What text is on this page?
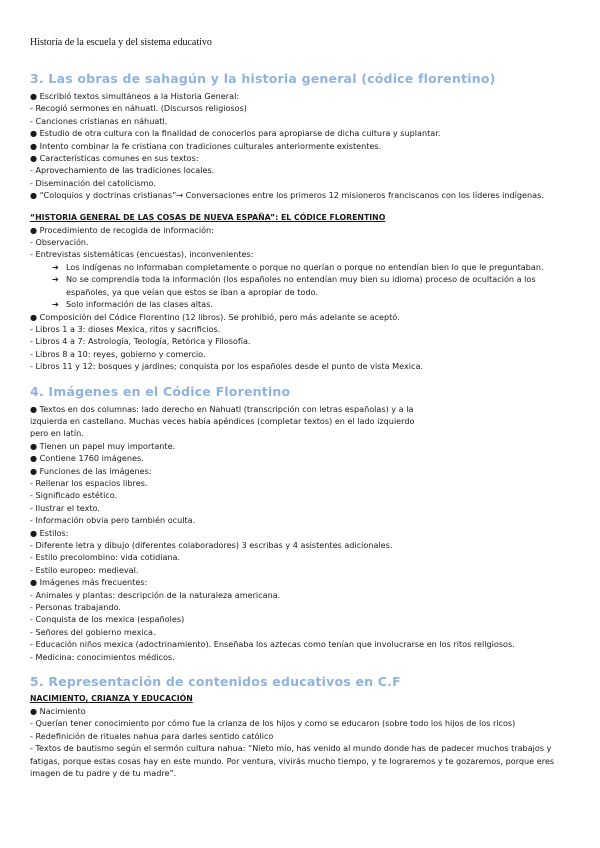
Historia de la escuela y del sistema educativo
3. Las obras de sahagún y la historia general (códice florentino)
● Escribió textos simultáneos a la Historia General:
- Recogió sermones en náhuatl. (Discursos religiosos)
- Canciones cristianas en náhuatl.
● Estudio de otra cultura con la finalidad de conocerlos para apropiarse de dicha cultura y suplantar.
● Intento combinar la fe cristiana con tradiciones culturales anteriormente existentes.
● Características comunes en sus textos:
- Aprovechamiento de las tradiciones locales.
- Diseminación del catolicismo.
● “Coloquios y doctrinas cristianas”→ Conversaciones entre los primeros 12 misioneros franciscanos con los líderes indígenas.
“HISTORIA GENERAL DE LAS COSAS DE NUEVA ESPAÑA”: EL CÓDICE FLORENTINO
● Procedimiento de recogida de información:
- Observación.
- Entrevistas sistemáticas (encuestas), inconvenientes:
➔ Los indígenas no informaban completamente o porque no querían o porque no entendían bien lo que le preguntaban.
➔ No se comprendía toda la información (los españoles no entendían muy bien su idioma) proceso de ocultación a los
españoles, ya que veían que estos se iban a apropiar de todo.
➔ Solo información de las clases altas.
● Composición del Códice Florentino (12 libros). Se prohibió, pero más adelante se aceptó.
- Libros 1 a 3: dioses Mexica, ritos y sacrificios.
- Libros 4 a 7: Astrología, Teología, Retórica y Filosofía.
- Libros 8 a 10: reyes, gobierno y comercio.
- Libros 11 y 12: bosques y jardines; conquista por los españoles desde el punto de vista Mexica.
4. Imágenes en el Códice Florentino
● Textos en dos columnas: lado derecho en Nahuatl (transcripción con letras españolas) y a la
izquierda en castellano. Muchas veces había apéndices (completar textos) en el lado izquierdo
pero en latín.
● Tienen un papel muy importante.
● Contiene 1760 imágenes.
● Funciones de las imágenes:
- Rellenar los espacios libres.
- Significado estético.
- Ilustrar el texto.
- Información obvia pero también oculta.
● Estilos:
- Diferente letra y dibujo (diferentes colaboradores) 3 escribas y 4 asistentes adicionales.
- Estilo precolombino: vida cotidiana.
- Estilo europeo: medieval.
● Imágenes más frecuentes:
- Animales y plantas: descripción de la naturaleza americana.
- Personas trabajando.
- Conquista de los mexica (españoles)
- Señores del gobierno mexica.
- Educación niños mexica (adoctrinamiento). Enseñaba los aztecas como tenían que involucrarse en los ritos religiosos.
- Medicina: conocimientos médicos.
5. Representación de contenidos educativos en C.F
NACIMIENTO, CRIANZA Y EDUCACIÓN
● Nacimiento
- Querían tener conocimiento por cómo fue la crianza de los hijos y como se educaron (sobre todo los hijos de los ricos)
- Redefinición de rituales nahua para darles sentido católico
- Textos de bautismo según el sermón cultura nahua: “Nieto mío, has venido al mundo donde has de padecer muchos trabajos y
fatigas, porque estas cosas hay en este mundo. Por ventura, vivirás mucho tiempo, y te lograremos y te gozaremos, porque eres
imagen de tu padre y de tu madre”.
